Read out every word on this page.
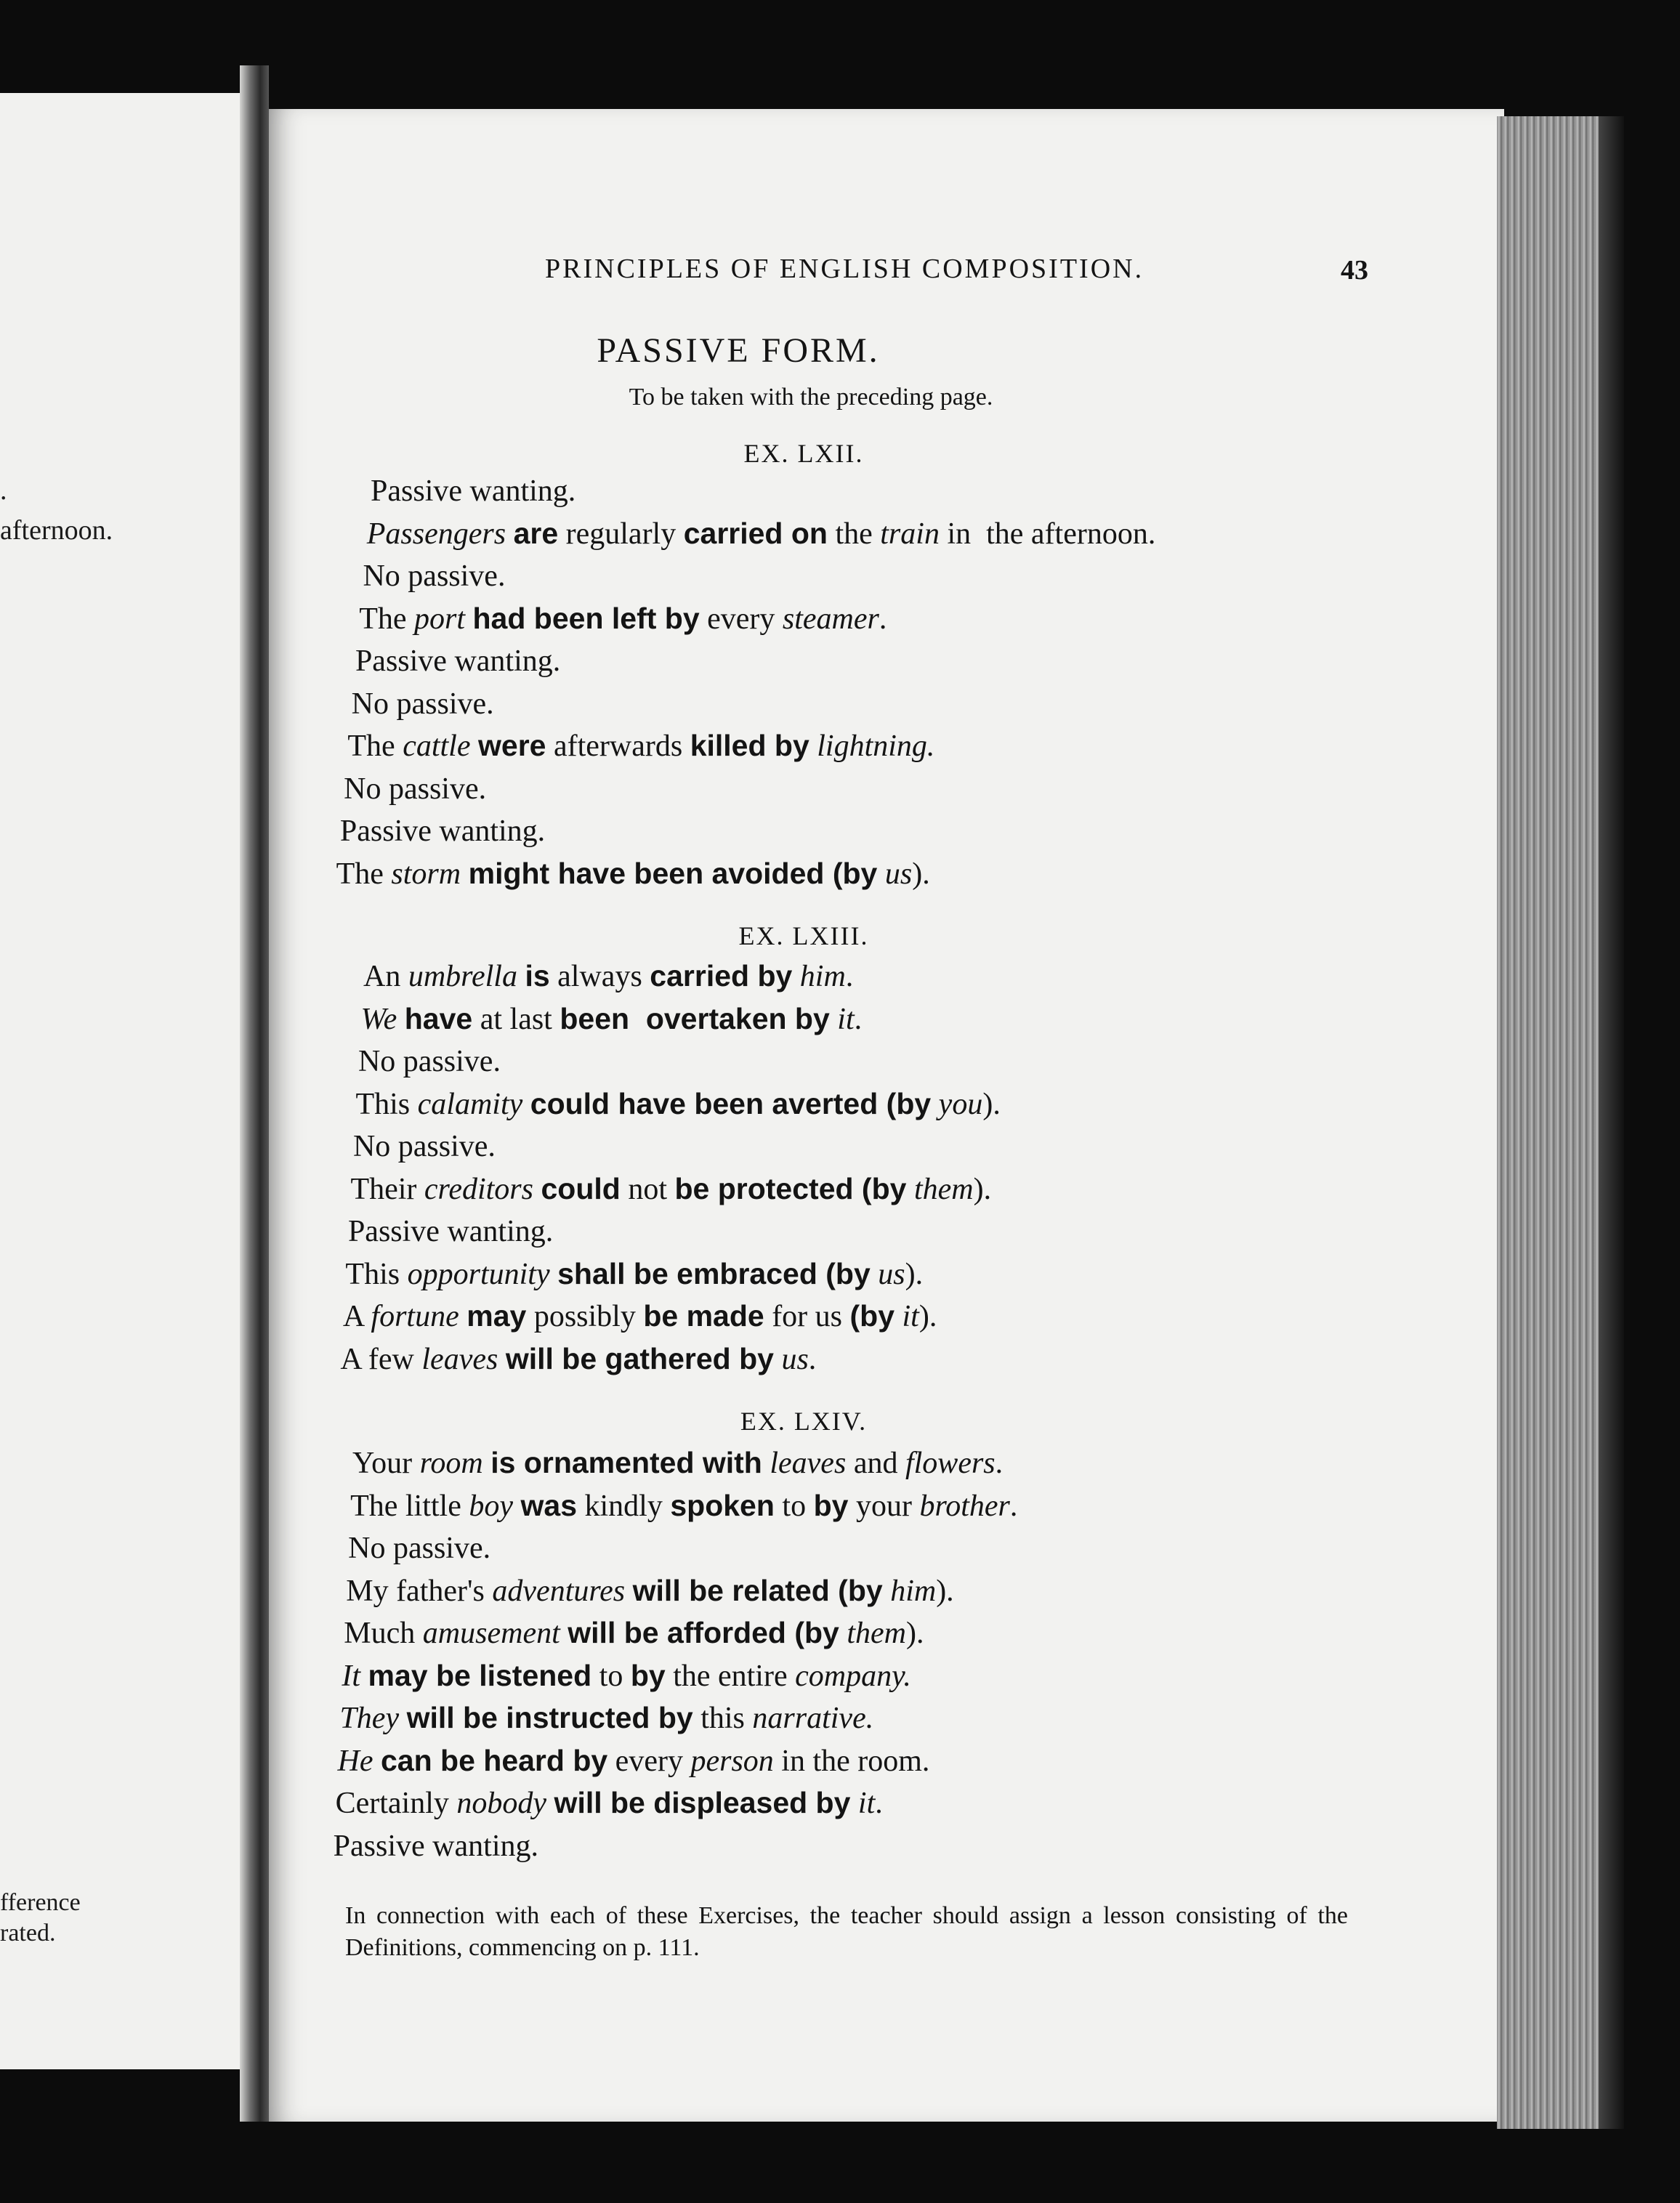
.
afternoon.
fference
rated.
PRINCIPLES OF ENGLISH COMPOSITION.	43
PASSIVE FORM.
To be taken with the preceding page.
EX. LXII.
Passive wanting.
Passengers are regularly carried on the train in  the afternoon.
No passive.
The port had been left by every steamer.
Passive wanting.
No passive.
The cattle were afterwards killed by lightning.
No passive.
Passive wanting.
The storm might have been avoided (by us).
EX. LXIII.
An umbrella is always carried by him.
We have at last been  overtaken by it.
No passive.
This calamity could have been averted (by you).
No passive.
Their creditors could not be protected (by them).
Passive wanting.
This opportunity shall be embraced (by us).
A fortune may possibly be made for us (by it).
A few leaves will be gathered by us.
EX. LXIV.
Your room is ornamented with leaves and flowers.
The little boy was kindly spoken to by your brother.
No passive.
My father's adventures will be related (by him).
Much amusement will be afforded (by them).
It may be listened to by the entire company.
They will be instructed by this narrative.
He can be heard by every person in the room.
Certainly nobody will be displeased by it.
Passive wanting.
In connection with each of these Exercises, the teacher should assign a lesson consisting of the Definitions, commencing on p. 111.
